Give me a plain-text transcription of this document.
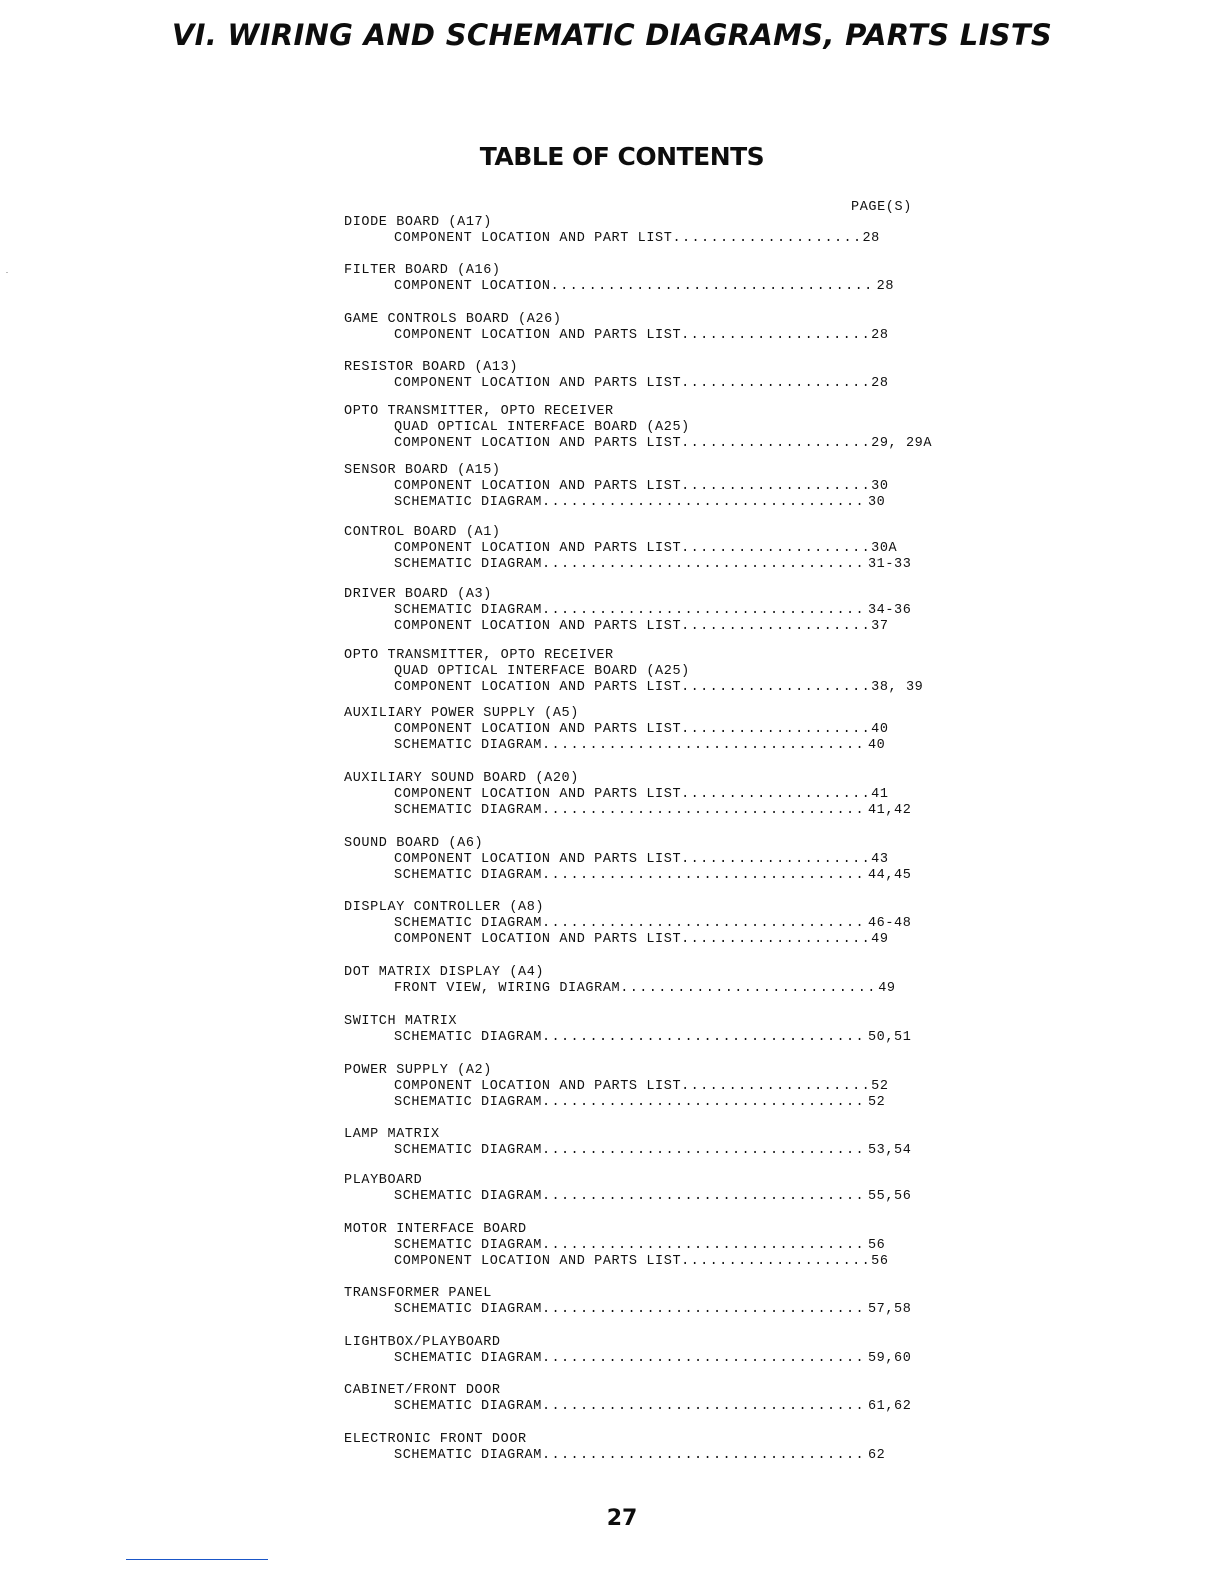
VI. WIRING AND SCHEMATIC DIAGRAMS, PARTS LISTS
TABLE OF CONTENTS
PAGE(S)
DIODE BOARD (A17)
COMPONENT LOCATION AND PART LIST .....	28
FILTER BOARD (A16)
COMPONENT LOCATION .....	28
GAME CONTROLS BOARD (A26)
COMPONENT LOCATION AND PARTS LIST .....	28
RESISTOR BOARD (A13)
COMPONENT LOCATION AND PARTS LIST .....	28
OPTO TRANSMITTER, OPTO RECEIVER
QUAD OPTICAL INTERFACE BOARD (A25)
COMPONENT LOCATION AND PARTS LIST .....	29, 29A
SENSOR BOARD (A15)
COMPONENT LOCATION AND PARTS LIST .....	30
SCHEMATIC DIAGRAM .....	30
CONTROL BOARD (A1)
COMPONENT LOCATION AND PARTS LIST .....	30A
SCHEMATIC DIAGRAM .....	31-33
DRIVER BOARD (A3)
SCHEMATIC DIAGRAM .....	34-36
COMPONENT LOCATION AND PARTS LIST .....	37
OPTO TRANSMITTER, OPTO RECEIVER
QUAD OPTICAL INTERFACE BOARD (A25)
COMPONENT LOCATION AND PARTS LIST .....	38, 39
AUXILIARY POWER SUPPLY (A5)
COMPONENT LOCATION AND PARTS LIST .....	40
SCHEMATIC DIAGRAM .....	40
AUXILIARY SOUND BOARD (A20)
COMPONENT LOCATION AND PARTS LIST .....	41
SCHEMATIC DIAGRAM .....	41,42
SOUND BOARD (A6)
COMPONENT LOCATION AND PARTS LIST .....	43
SCHEMATIC DIAGRAM .....	44,45
DISPLAY CONTROLLER (A8)
SCHEMATIC DIAGRAM .....	46-48
COMPONENT LOCATION AND PARTS LIST .....	49
DOT MATRIX DISPLAY (A4)
FRONT VIEW, WIRING DIAGRAM .....	49
SWITCH MATRIX
SCHEMATIC DIAGRAM .....	50,51
POWER SUPPLY (A2)
COMPONENT LOCATION AND PARTS LIST .....	52
SCHEMATIC DIAGRAM .....	52
LAMP MATRIX
SCHEMATIC DIAGRAM .....	53,54
PLAYBOARD
SCHEMATIC DIAGRAM .....	55,56
MOTOR INTERFACE BOARD
SCHEMATIC DIAGRAM .....	56
COMPONENT LOCATION AND PARTS LIST .....	56
TRANSFORMER PANEL
SCHEMATIC DIAGRAM .....	57,58
LIGHTBOX/PLAYBOARD
SCHEMATIC DIAGRAM .....	59,60
CABINET/FRONT DOOR
SCHEMATIC DIAGRAM .....	61,62
ELECTRONIC FRONT DOOR
SCHEMATIC DIAGRAM .....	62
27
